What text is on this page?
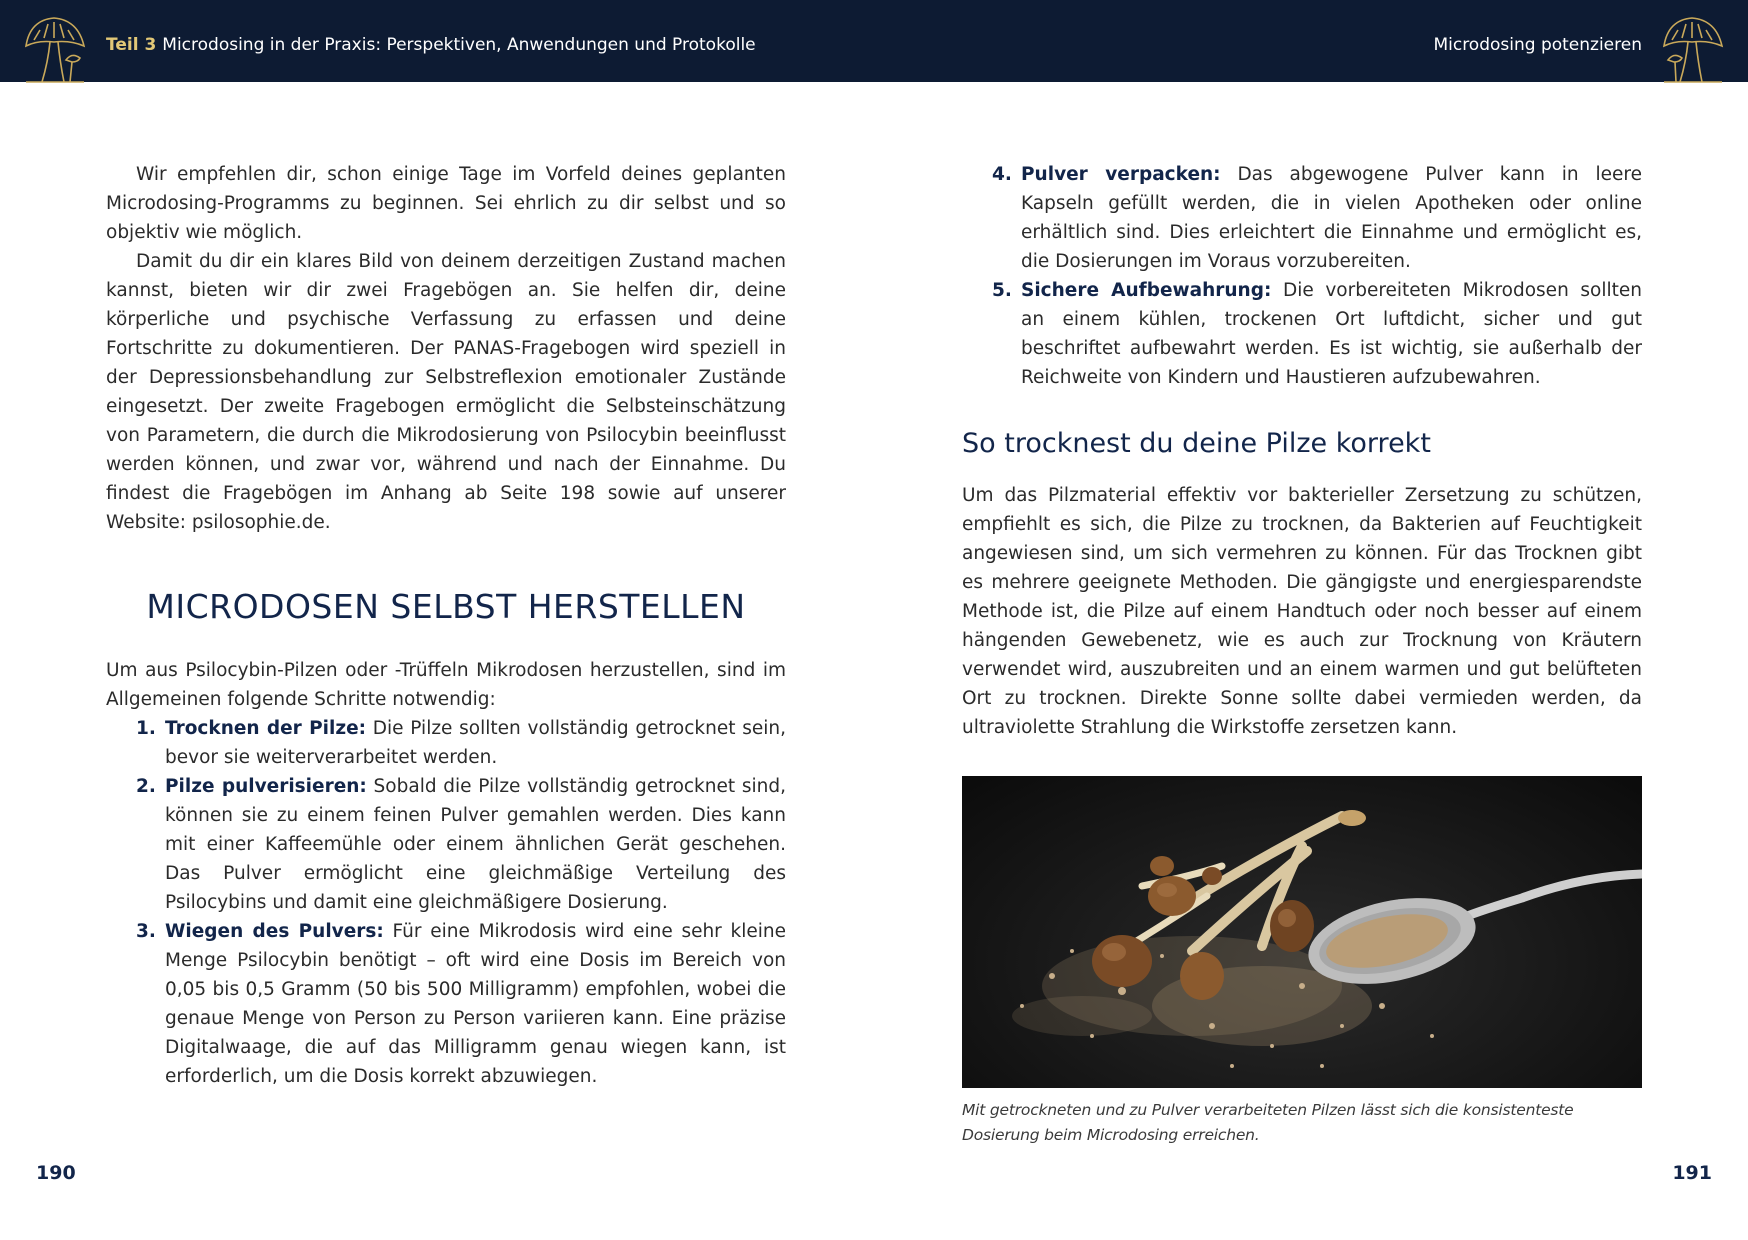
Teil 3 Microdosing in der Praxis: Perspektiven, Anwendungen und Protokolle	Microdosing potenzieren

Wir empfehlen dir, schon einige Tage im Vorfeld deines geplanten Microdosing-Programms zu beginnen. Sei ehrlich zu dir selbst und so objektiv wie möglich.

Damit du dir ein klares Bild von deinem derzeitigen Zustand machen kannst, bieten wir dir zwei Fragebögen an. Sie helfen dir, deine körperliche und psychische Verfassung zu erfassen und deine Fortschritte zu dokumentieren. Der PANAS-Fragebogen wird speziell in der Depressionsbehandlung zur Selbstreflexion emotionaler Zustände eingesetzt. Der zweite Fragebogen ermöglicht die Selbsteinschätzung von Parametern, die durch die Mikrodosierung von Psilocybin beeinflusst werden können, und zwar vor, während und nach der Einnahme. Du findest die Fragebögen im Anhang ab Seite 198 sowie auf unserer Website: psilosophie.de.

MICRODOSEN SELBST HERSTELLEN

Um aus Psilocybin-Pilzen oder -Trüffeln Mikrodosen herzustellen, sind im Allgemeinen folgende Schritte notwendig:

1. Trocknen der Pilze: Die Pilze sollten vollständig getrocknet sein, bevor sie weiterverarbeitet werden.
2. Pilze pulverisieren: Sobald die Pilze vollständig getrocknet sind, können sie zu einem feinen Pulver gemahlen werden. Dies kann mit einer Kaffeemühle oder einem ähnlichen Gerät geschehen. Das Pulver ermöglicht eine gleichmäßige Verteilung des Psilocybins und damit eine gleichmäßigere Dosierung.
3. Wiegen des Pulvers: Für eine Mikrodosis wird eine sehr kleine Menge Psilocybin benötigt – oft wird eine Dosis im Bereich von 0,05 bis 0,5 Gramm (50 bis 500 Milligramm) empfohlen, wobei die genaue Menge von Person zu Person variieren kann. Eine präzise Digitalwaage, die auf das Milligramm genau wiegen kann, ist erforderlich, um die Dosis korrekt abzuwiegen.
4. Pulver verpacken: Das abgewogene Pulver kann in leere Kapseln gefüllt werden, die in vielen Apotheken oder online erhältlich sind. Dies erleichtert die Einnahme und ermöglicht es, die Dosierungen im Voraus vorzubereiten.
5. Sichere Aufbewahrung: Die vorbereiteten Mikrodosen sollten an einem kühlen, trockenen Ort luftdicht, sicher und gut beschriftet aufbewahrt werden. Es ist wichtig, sie außerhalb der Reichweite von Kindern und Haustieren aufzubewahren.
So trocknest du deine Pilze korrekt

Um das Pilzmaterial effektiv vor bakterieller Zersetzung zu schützen, empfiehlt es sich, die Pilze zu trocknen, da Bakterien auf Feuchtigkeit angewiesen sind, um sich vermehren zu können. Für das Trocknen gibt es mehrere geeignete Methoden. Die gängigste und energiesparendste Methode ist, die Pilze auf einem Handtuch oder noch besser auf einem hängenden Gewebenetz, wie es auch zur Trocknung von Kräutern verwendet wird, auszubreiten und an einem warmen und gut belüfteten Ort zu trocknen. Direkte Sonne sollte dabei vermieden werden, da ultraviolette Strahlung die Wirkstoffe zersetzen kann.

Mit getrockneten und zu Pulver verarbeiteten Pilzen lässt sich die konsistenteste Dosierung beim Microdosing erreichen.
190	191
